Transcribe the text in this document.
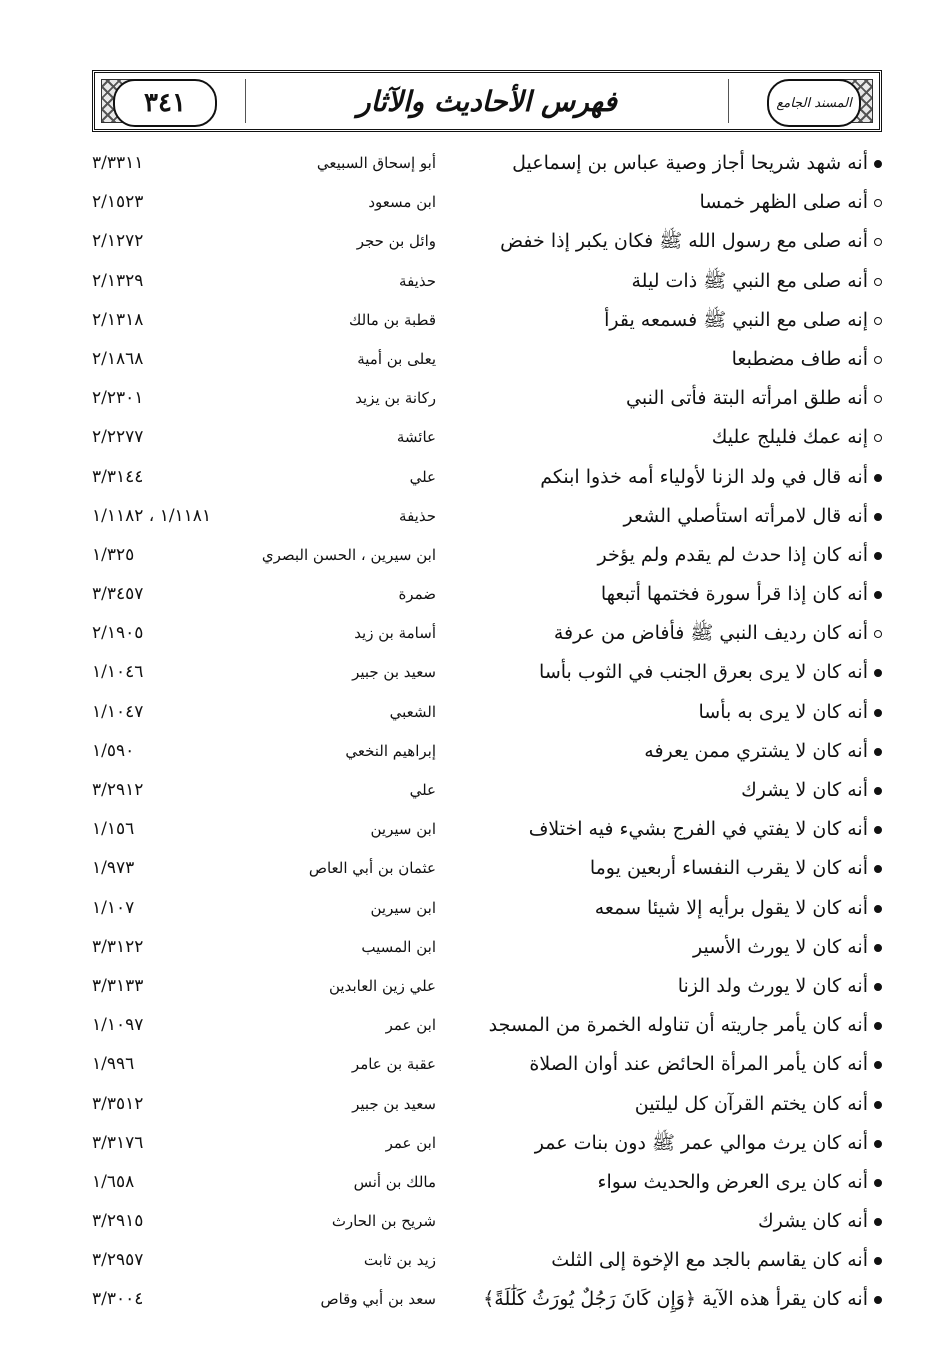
٣٤١	فهرس الأحاديث والآثار	المسند الجامع
أنه شهد شريحا أجاز وصية عباس بن إسماعيل
أبو إسحاق السبيعي
٣/٣٣١١
أنه صلى الظهر خمسا
ابن مسعود
٢/١٥٢٣
أنه صلى مع رسول الله ﷺ فكان يكبر إذا خفض
وائل بن حجر
٢/١٢٧٢
أنه صلى مع النبي ﷺ ذات ليلة
حذيفة
٢/١٣٢٩
إنه صلى مع النبي ﷺ فسمعه يقرأ
قطبة بن مالك
٢/١٣١٨
أنه طاف مضطبعا
يعلى بن أمية
٢/١٨٦٨
أنه طلق امرأته البتة فأتى النبي
ركانة بن يزيد
٢/٢٣٠١
إنه عمك فليلج عليك
عائشة
٢/٢٢٧٧
أنه قال في ولد الزنا لأولياء أمه خذوا ابنكم
علي
٣/٣١٤٤
أنه قال لامرأته استأصلي الشعر
حذيفة
١/١١٨١ ، ١/١١٨٢
أنه كان إذا حدث لم يقدم ولم يؤخر
ابن سيرين ، الحسن البصري
١/٣٢٥
أنه كان إذا قرأ سورة فختمها أتبعها
ضمرة
٣/٣٤٥٧
أنه كان رديف النبي ﷺ فأفاض من عرفة
أسامة بن زيد
٢/١٩٠٥
أنه كان لا يرى بعرق الجنب في الثوب بأسا
سعيد بن جبير
١/١٠٤٦
أنه كان لا يرى به بأسا
الشعبي
١/١٠٤٧
أنه كان لا يشتري ممن يعرفه
إبراهيم النخعي
١/٥٩٠
أنه كان لا يشرك
علي
٣/٢٩١٢
أنه كان لا يفتي في الفرج بشيء فيه اختلاف
ابن سيرين
١/١٥٦
أنه كان لا يقرب النفساء أربعين يوما
عثمان بن أبي العاص
١/٩٧٣
أنه كان لا يقول برأيه إلا شيئا سمعه
ابن سيرين
١/١٠٧
أنه كان لا يورث الأسير
ابن المسيب
٣/٣١٢٢
أنه كان لا يورث ولد الزنا
علي زين العابدين
٣/٣١٣٣
أنه كان يأمر جاريته أن تناوله الخمرة من المسجد
ابن عمر
١/١٠٩٧
أنه كان يأمر المرأة الحائض عند أوان الصلاة
عقبة بن عامر
١/٩٩٦
أنه كان يختم القرآن كل ليلتين
سعيد بن جبير
٣/٣٥١٢
أنه كان يرث موالي عمر ﷺ دون بنات عمر
ابن عمر
٣/٣١٧٦
أنه كان يرى العرض والحديث سواء
مالك بن أنس
١/٦٥٨
أنه كان يشرك
شريح بن الحارث
٣/٢٩١٥
أنه كان يقاسم بالجد مع الإخوة إلى الثلث
زيد بن ثابت
٣/٢٩٥٧
أنه كان يقرأ هذه الآية ﴿وَإِن كَانَ رَجُلٌ يُورَثُ كَلَٰلَةً﴾
سعد بن أبي وقاص
٣/٣٠٠٤
